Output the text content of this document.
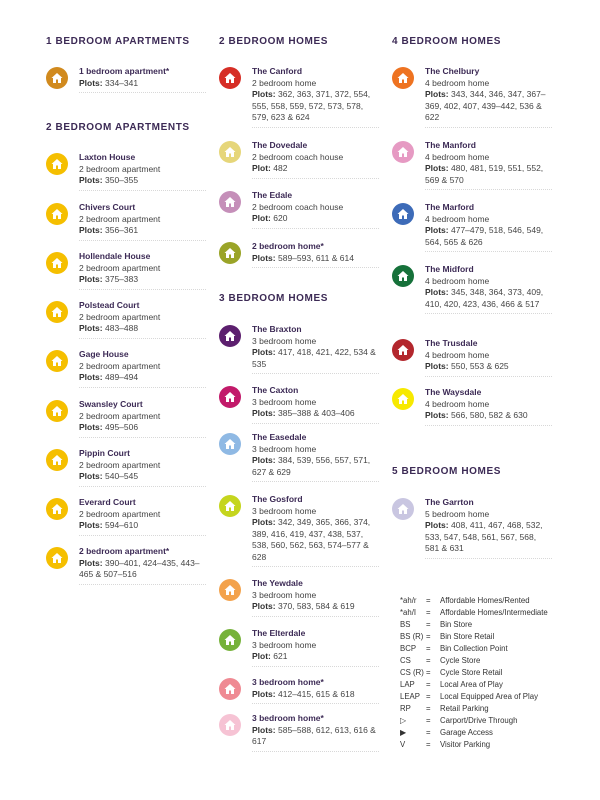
1 BEDROOM APARTMENTS
1 bedroom apartment*
Plots: 334–341
2 BEDROOM APARTMENTS
Laxton House
2 bedroom apartment
Plots: 350–355
Chivers Court
2 bedroom apartment
Plots: 356–361
Hollendale House
2 bedroom apartment
Plots: 375–383
Polstead Court
2 bedroom apartment
Plots: 483–488
Gage House
2 bedroom apartment
Plots: 489–494
Swansley Court
2 bedroom apartment
Plots: 495–506
Pippin Court
2 bedroom apartment
Plots: 540–545
Everard Court
2 bedroom apartment
Plots: 594–610
2 bedroom apartment*
Plots: 390–401, 424–435, 443–465 & 507–516
2 BEDROOM HOMES
The Canford
2 bedroom home
Plots: 362, 363, 371, 372, 554, 555, 558, 559, 572, 573, 578, 579, 623 & 624
The Dovedale
2 bedroom coach house
Plot: 482
The Edale
2 bedroom coach house
Plot: 620
2 bedroom home*
Plots: 589–593, 611 & 614
3 BEDROOM HOMES
The Braxton
3 bedroom home
Plots: 417, 418, 421, 422, 534 & 535
The Caxton
3 bedroom home
Plots: 385–388 & 403–406
The Easedale
3 bedroom home
Plots: 384, 539, 556, 557, 571, 627 & 629
The Gosford
3 bedroom home
Plots: 342, 349, 365, 366, 374, 389, 416, 419, 437, 438, 537, 538, 560, 562, 563, 574–577 & 628
The Yewdale
3 bedroom home
Plots: 370, 583, 584 & 619
The Elterdale
3 bedroom home
Plot: 621
3 bedroom home*
Plots: 412–415, 615 & 618
3 bedroom home*
Plots: 585–588, 612, 613, 616 & 617
4 BEDROOM HOMES
The Chelbury
4 bedroom home
Plots: 343, 344, 346, 347, 367–369, 402, 407, 439–442, 536 & 622
The Manford
4 bedroom home
Plots: 480, 481, 519, 551, 552, 569 & 570
The Marford
4 bedroom home
Plots: 477–479, 518, 546, 549, 564, 565 & 626
The Midford
4 bedroom home
Plots: 345, 348, 364, 373, 409, 410, 420, 423, 436, 466 & 517
The Trusdale
4 bedroom home
Plots: 550, 553 & 625
The Waysdale
4 bedroom home
Plots: 566, 580, 582 & 630
5 BEDROOM HOMES
The Garrton
5 bedroom home
Plots: 408, 411, 467, 468, 532, 533, 547, 548, 561, 567, 568, 581 & 631
*ah/r = Affordable Homes/Rented
*ah/I = Affordable Homes/Intermediate
BS = Bin Store
BS (R) = Bin Store Retail
BCP = Bin Collection Point
CS = Cycle Store
CS (R) = Cycle Store Retail
LAP = Local Area of Play
LEAP = Local Equipped Area of Play
RP = Retail Parking
▷	= Carport/Drive Through
▶	= Garage Access
V	= Visitor Parking
